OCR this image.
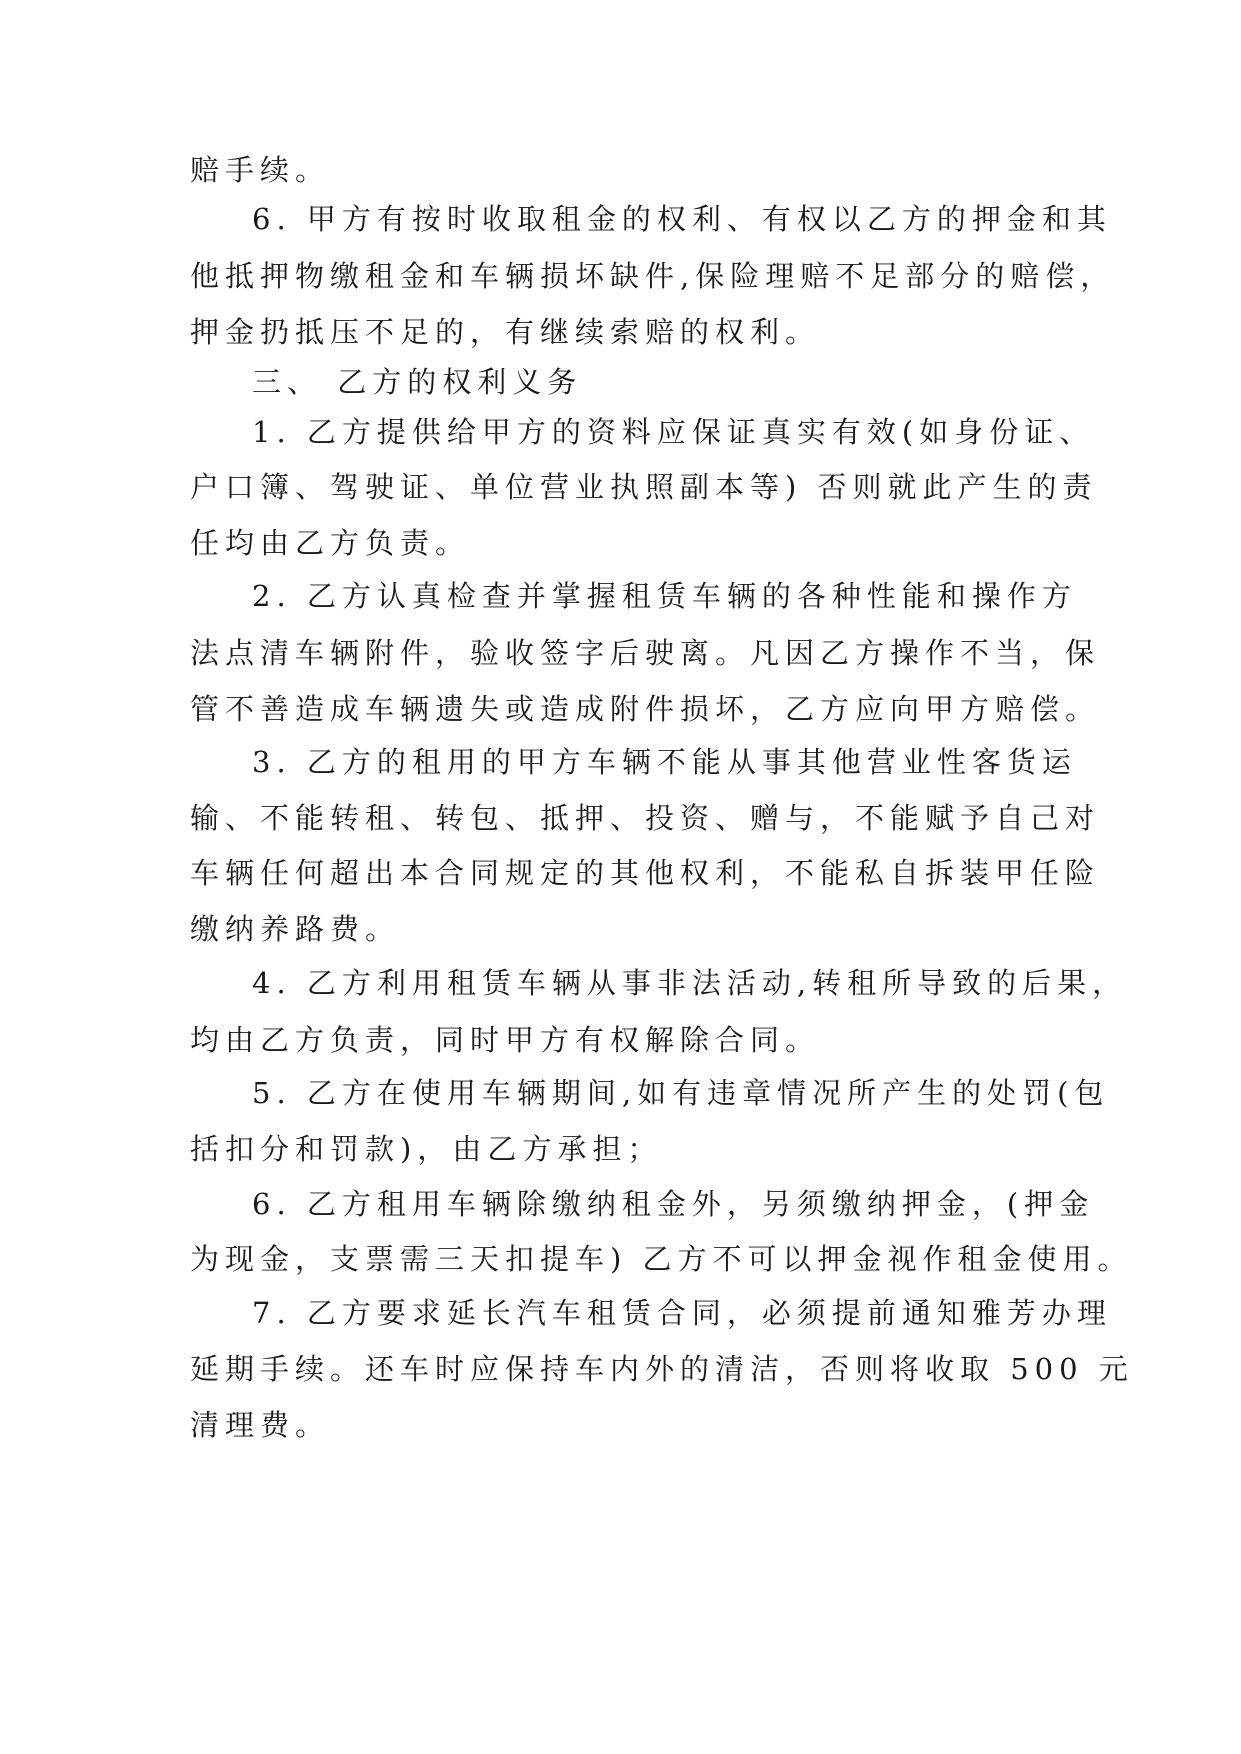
赔手续。
6. 甲方有按时收取租金的权利、有权以乙方的押金和其
他抵押物缴租金和车辆损坏缺件,保险理赔不足部分的赔偿，
押金扔抵压不足的，有继续索赔的权利。
三、 乙方的权利义务
1. 乙方提供给甲方的资料应保证真实有效(如身份证、
户口簿、驾驶证、单位营业执照副本等) 否则就此产生的责
任均由乙方负责。
2. 乙方认真检查并掌握租赁车辆的各种性能和操作方
法点清车辆附件，验收签字后驶离。凡因乙方操作不当，保
管不善造成车辆遗失或造成附件损坏，乙方应向甲方赔偿。
3. 乙方的租用的甲方车辆不能从事其他营业性客货运
输、不能转租、转包、抵押、投资、赠与，不能赋予自己对
车辆任何超出本合同规定的其他权利，不能私自拆装甲任险
缴纳养路费。
4. 乙方利用租赁车辆从事非法活动,转租所导致的后果，
均由乙方负责，同时甲方有权解除合同。
5. 乙方在使用车辆期间,如有违章情况所产生的处罚(包
括扣分和罚款)，由乙方承担；
6. 乙方租用车辆除缴纳租金外，另须缴纳押金，(押金
为现金，支票需三天扣提车) 乙方不可以押金视作租金使用。
7. 乙方要求延长汽车租赁合同，必须提前通知雅芳办理
延期手续。还车时应保持车内外的清洁，否则将收取 500 元
清理费。
